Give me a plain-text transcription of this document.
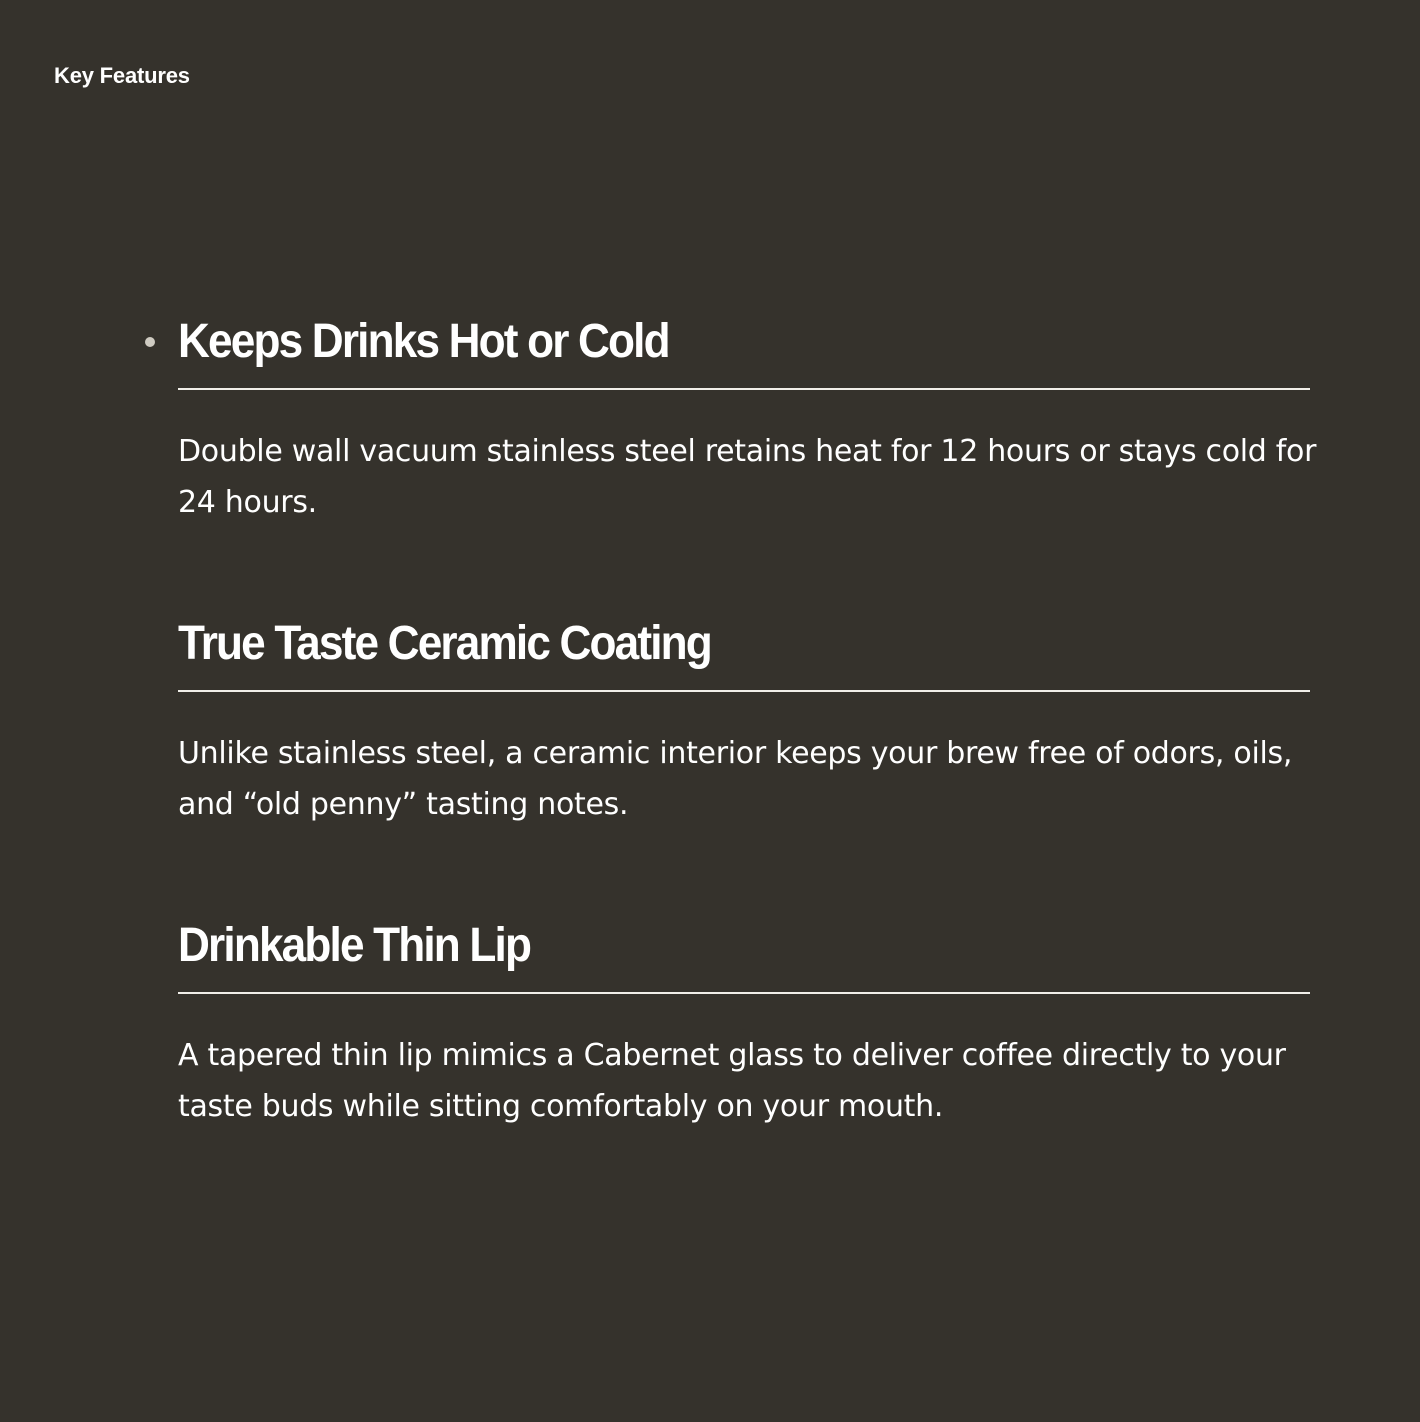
Key Features
Keeps Drinks Hot or Cold

Double wall vacuum stainless steel retains heat for 12 hours or stays cold for 24 hours.

True Taste Ceramic Coating

Unlike stainless steel, a ceramic interior keeps your brew free of odors, oils, and “old penny” tasting notes.

Drinkable Thin Lip

A tapered thin lip mimics a Cabernet glass to deliver coffee directly to your taste buds while sitting comfortably on your mouth.
